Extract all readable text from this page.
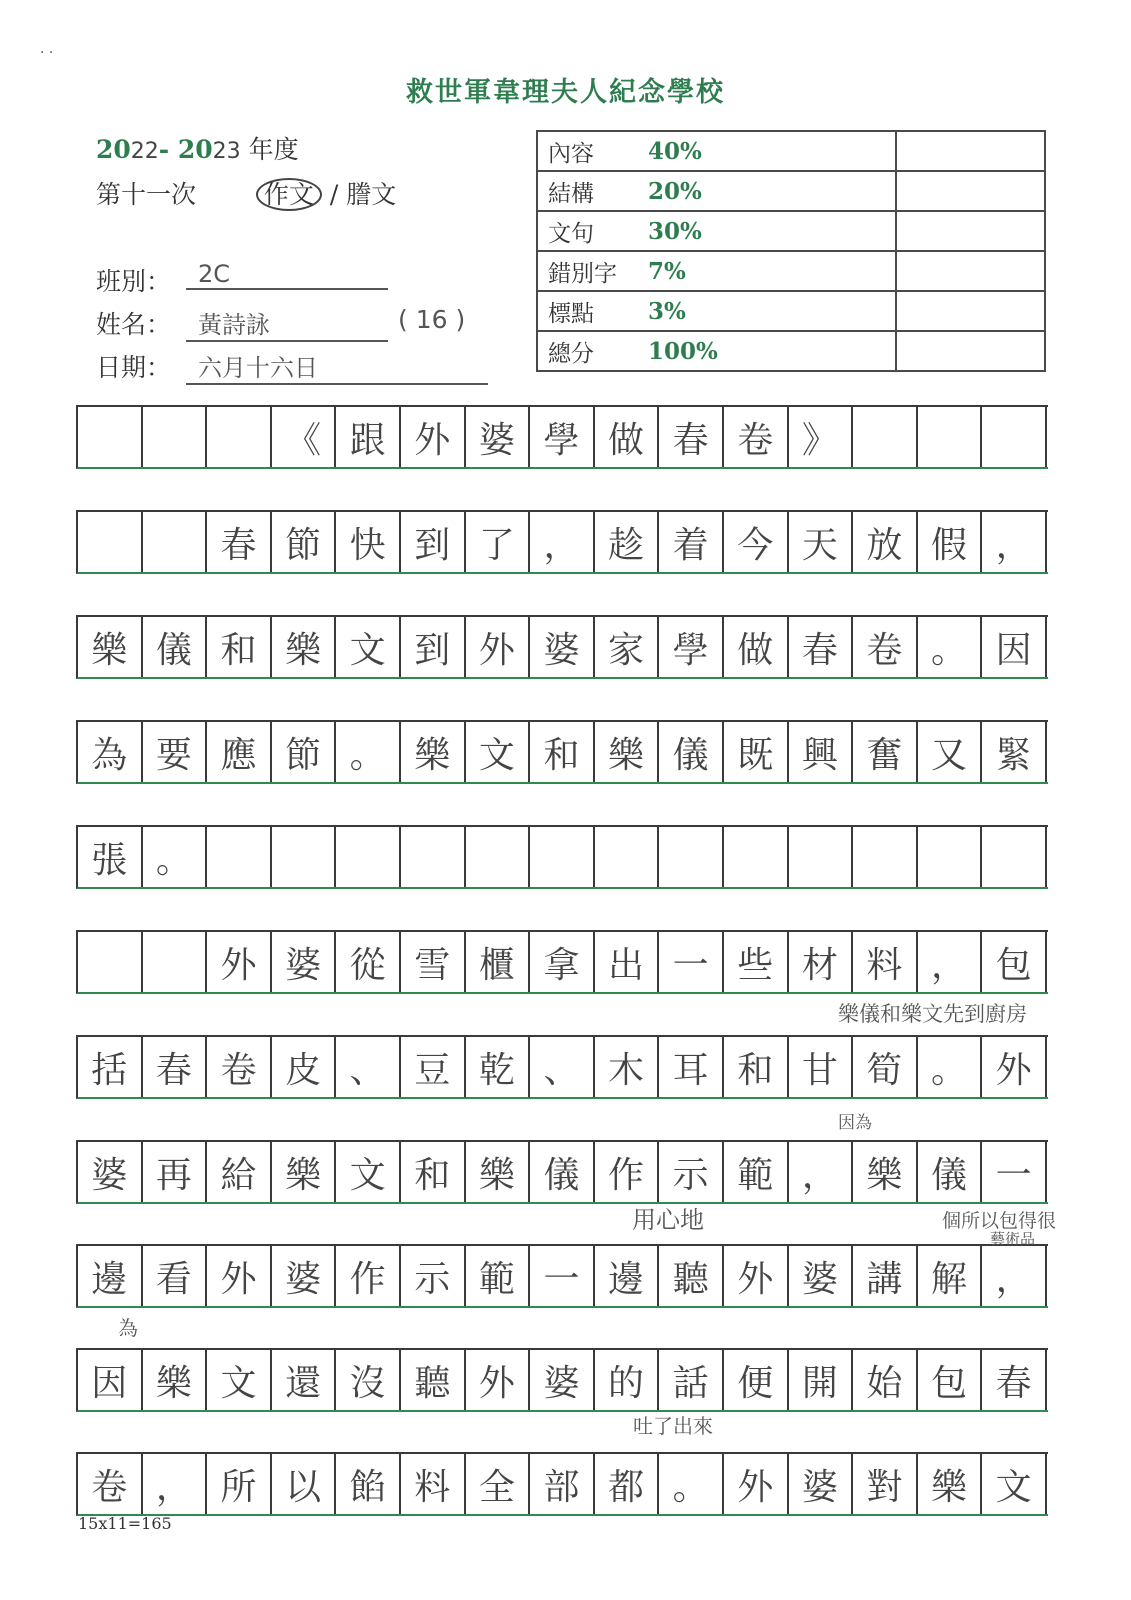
· ·
救世軍韋理夫人紀念學校
2022- 2023 年度
第十一次	作文 / 謄文
班別：	2C
姓名：	黃詩詠	( 16 )
日期：	六月十六日
內容 40%	

結構 20%	

文句 30%	

錯別字 7%	

標點 3%	

總分 100%	

《 跟 外 婆 學 做 春 卷 》
春 節 快 到 了 ， 趁 着 今 天 放 假 ，
樂 儀 和 樂 文 到 外 婆 家 學 做 春 卷 。 因
為 要 應 節 。 樂 文 和 樂 儀 既 興 奮 又 緊
張 。
外 婆 從 雪 櫃 拿 出 一 些 材 料 ， 包
括 春 卷 皮 、 豆 乾 、 木 耳 和 甘 筍 。 外
婆 再 給 樂 文 和 樂 儀 作 示 範 ， 樂 儀 一
邊 看 外 婆 作 示 範 一 邊 聽 外 婆 講 解 ，
因 樂 文 還 沒 聽 外 婆 的 話 便 開 始 包 春
卷 ， 所 以 餡 料 全 部 都 。 外 婆 對 樂 文
樂儀和樂文先到廚房
因為
用心地	個所以包得很
藝術品
為
吐了出來
15x11=165
